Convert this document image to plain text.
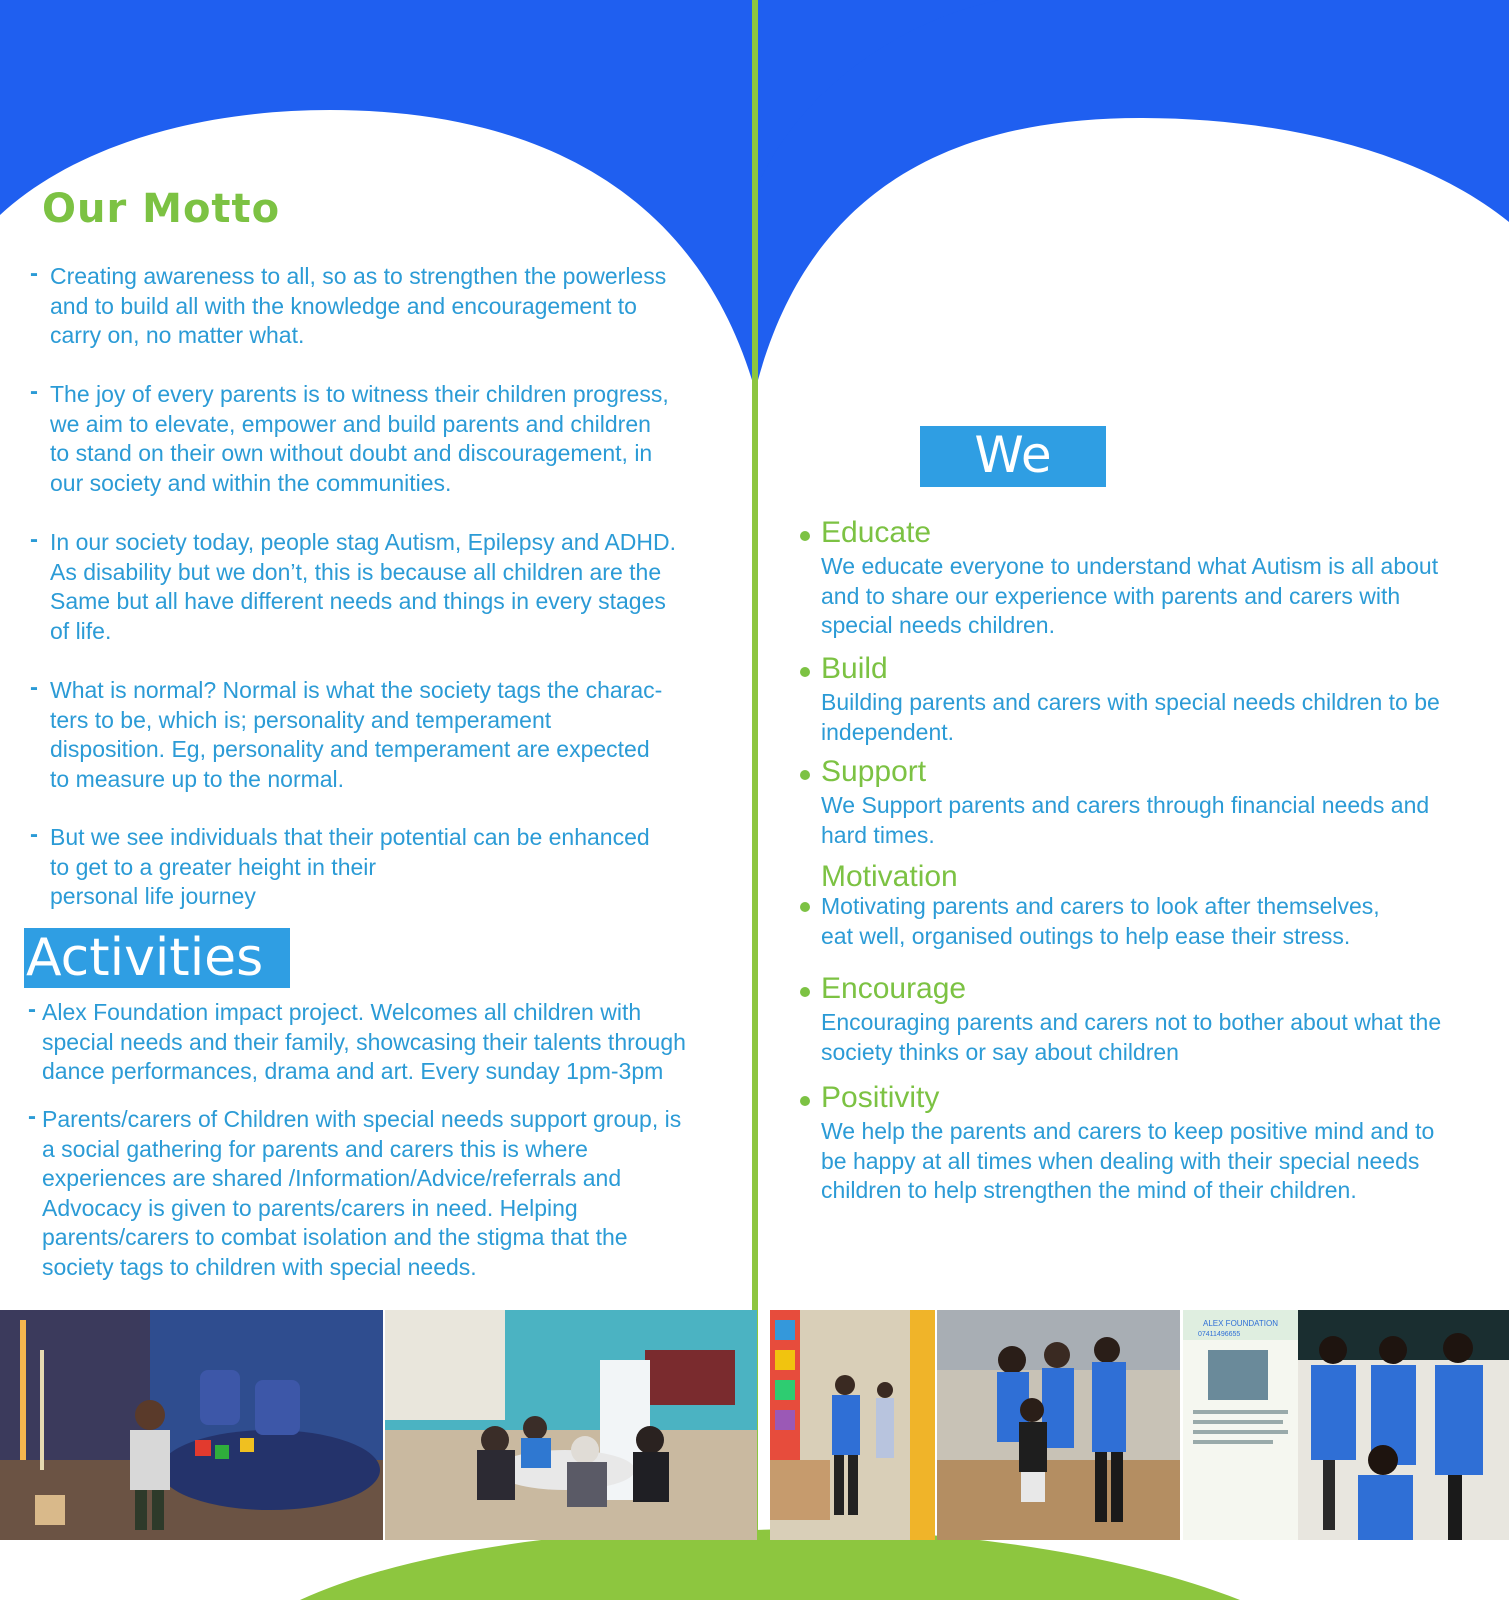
Our Motto
- Creating awareness to all, so as to strengthen the powerless
and to build all with the knowledge and encouragement to
carry on, no matter what.
- The joy of every parents is to witness their children progress,
we aim to elevate, empower and build parents and children
to stand on their own without doubt and discouragement, in
our society and within the communities.
- In our society today, people stag Autism, Epilepsy and ADHD.
As disability but we don’t, this is because all children are the
Same but all have different needs and things in every stages
of life.
- What is normal? Normal is what the society tags the charac-
ters to be, which is; personality and temperament
disposition. Eg, personality and temperament are expected
to measure up to the normal.
- But we see individuals that their potential can be enhanced
to get to a greater height in their
personal life journey
Activities
- Alex Foundation impact project. Welcomes all children with
special needs and their family, showcasing their talents through
dance performances, drama and art. Every sunday 1pm-3pm
- Parents/carers of Children with special needs support group, is
a social gathering for parents and carers this is where
experiences are shared /Information/Advice/referrals and
Advocacy is given to parents/carers in need. Helping
parents/carers to combat isolation and the stigma that the
society tags to children with special needs.
We
Educate
We educate everyone to understand what Autism is all about
and to share our experience with parents and carers with
special needs children.
Build
Building parents and carers with special needs children to be
independent.
Support
We Support parents and carers through financial needs and
hard times.
Motivation
Motivating parents and carers to look after themselves,
eat well, organised outings to help ease their stress.
Encourage
Encouraging parents and carers not to bother about what the
society thinks or say about children
Positivity
We help the parents and carers to keep positive mind and to
be happy at all times when dealing with their special needs
children to help strengthen the mind of their children.
ALEX FOUNDATION
07411496655
